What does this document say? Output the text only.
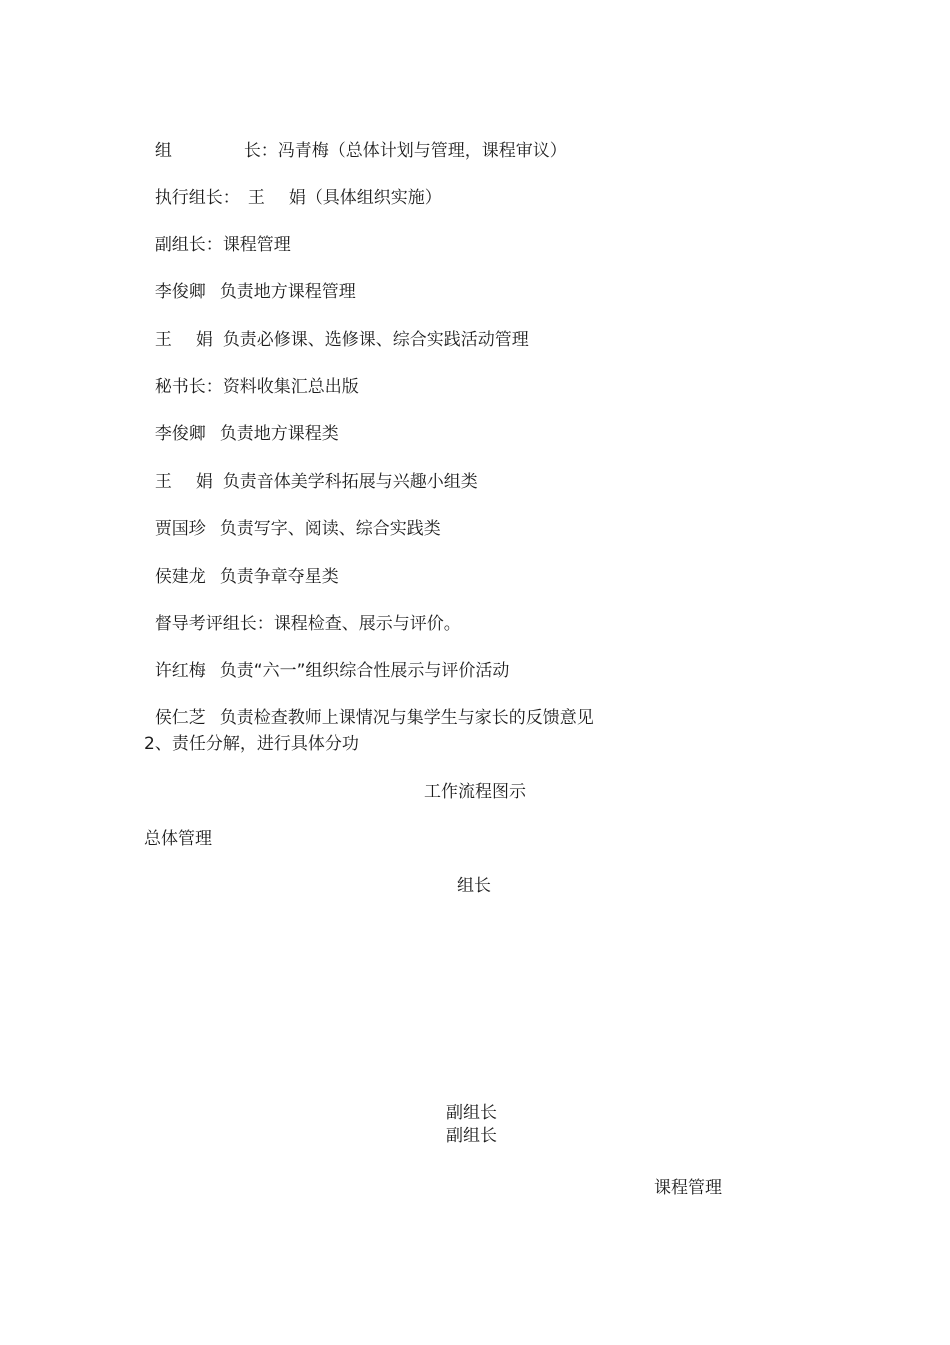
组	长：冯青梅（总体计划与管理，课程审议）

执行组长： 王 娟（具体组织实施）

副组长：课程管理

李俊卿 负责地方课程管理

王 娟 负责必修课、选修课、综合实践活动管理

秘书长：资料收集汇总出版

李俊卿 负责地方课程类

王 娟 负责音体美学科拓展与兴趣小组类

贾国珍 负责写字、阅读、综合实践类

侯建龙 负责争章夺星类

督导考评组长：课程检查、展示与评价。

许红梅 负责“六一”组织综合性展示与评价活动

侯仁芝 负责检查教师上课情况与集学生与家长的反馈意见

2、责任分解，进行具体分功
工作流程图示
总体管理
组长
副组长
副组长
课程管理
